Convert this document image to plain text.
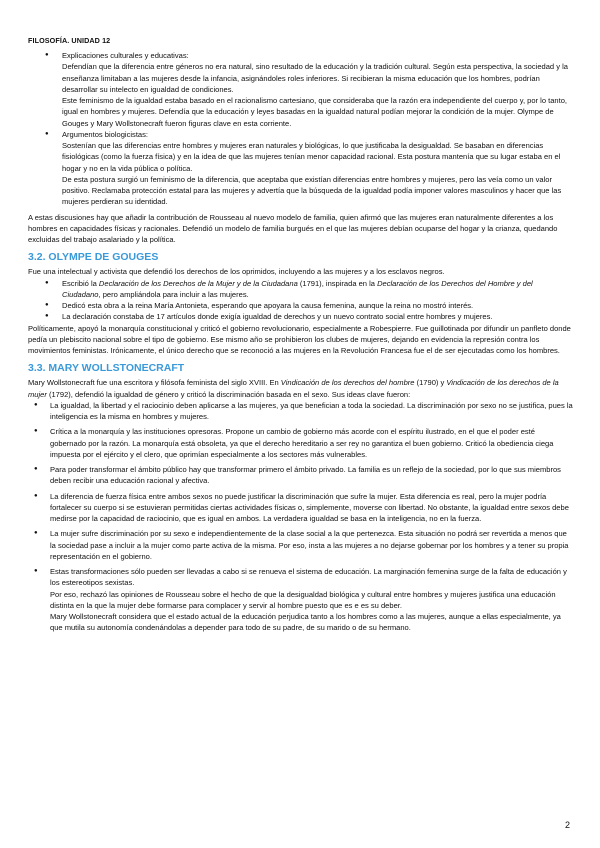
FILOSOFÍA. UNIDAD 12

● Explicaciones culturales y educativas:

Defendían que la diferencia entre géneros no era natural, sino resultado de la educación y la tradición cultural. Según esta perspectiva, la sociedad y la enseñanza limitaban a las mujeres desde la infancia, asignándoles roles inferiores. Si recibieran la misma educación que los hombres, podrían desarrollar su intelecto en igualdad de condiciones.

Este feminismo de la igualdad estaba basado en el racionalismo cartesiano, que consideraba que la razón era independiente del cuerpo y, por lo tanto, igual en hombres y mujeres. Defendía que la educación y leyes basadas en la igualdad natural podían mejorar la condición de la mujer. Olympe de Gouges y Mary Wollstonecraft fueron figuras clave en esta corriente.

● Argumentos biologicistas:

Sostenían que las diferencias entre hombres y mujeres eran naturales y biológicas, lo que justificaba la desigualdad. Se basaban en diferencias fisiológicas (como la fuerza física) y en la idea de que las mujeres tenían menor capacidad racional. Esta postura mantenía que su lugar estaba en el hogar y no en la vida pública o política.

De esta postura surgió un feminismo de la diferencia, que aceptaba que existían diferencias entre hombres y mujeres, pero las veía como un valor positivo. Reclamaba protección estatal para las mujeres y advertía que la búsqueda de la igualdad podía imponer valores masculinos y hacer que las mujeres perdieran su identidad.

A estas discusiones hay que añadir la contribución de Rousseau al nuevo modelo de familia, quien afirmó que las mujeres eran naturalmente diferentes a los hombres en capacidades físicas y racionales. Defendió un modelo de familia burgués en el que las mujeres debían ocuparse del hogar y la crianza, quedando excluidas del trabajo asalariado y la política.

3.2. OLYMPE DE GOUGES

Fue una intelectual y activista que defendió los derechos de los oprimidos, incluyendo a las mujeres y a los esclavos negros.

● Escribió la Declaración de los Derechos de la Mujer y de la Ciudadana (1791), inspirada en la Declaración de los Derechos del Hombre y del Ciudadano, pero ampliándola para incluir a las mujeres.

● Dedicó esta obra a la reina María Antonieta, esperando que apoyara la causa femenina, aunque la reina no mostró interés.

● La declaración constaba de 17 artículos donde exigía igualdad de derechos y un nuevo contrato social entre hombres y mujeres.

Políticamente, apoyó la monarquía constitucional y criticó el gobierno revolucionario, especialmente a Robespierre. Fue guillotinada por difundir un panfleto donde pedía un plebiscito nacional sobre el tipo de gobierno. Ese mismo año se prohibieron los clubes de mujeres, dejando en evidencia la represión contra los movimientos feministas. Irónicamente, el único derecho que se reconoció a las mujeres en la Revolución Francesa fue el de ser ejecutadas como los hombres.

3.3. MARY WOLLSTONECRAFT

Mary Wollstonecraft fue una escritora y filósofa feminista del siglo XVIII. En Vindicación de los derechos del hombre (1790) y Vindicación de los derechos de la mujer (1792), defendió la igualdad de género y criticó la discriminación basada en el sexo. Sus ideas clave fueron:

● La igualdad, la libertad y el raciocinio deben aplicarse a las mujeres, ya que benefician a toda la sociedad. La discriminación por sexo no se justifica, pues la inteligencia es la misma en hombres y mujeres.

● Crítica a la monarquía y las instituciones opresoras. Propone un cambio de gobierno más acorde con el espíritu ilustrado, en el que el poder esté gobernado por la razón. La monarquía está obsoleta, ya que el derecho hereditario a ser rey no garantiza el buen gobierno. Criticó la obediencia ciega impuesta por el ejército y el clero, que oprimían especialmente a los sectores más vulnerables.

● Para poder transformar el ámbito público hay que transformar primero el ámbito privado. La familia es un reflejo de la sociedad, por lo que sus miembros deben recibir una educación racional y afectiva.

● La diferencia de fuerza física entre ambos sexos no puede justificar la discriminación que sufre la mujer. Esta diferencia es real, pero la mujer podría fortalecer su cuerpo si se estuvieran permitidas ciertas actividades físicas o, simplemente, moverse con libertad. No obstante, la igualdad entre sexos debe medirse por la capacidad de raciocinio, que es igual en ambos. La verdadera igualdad se basa en la inteligencia, no en la fuerza.

● La mujer sufre discriminación por su sexo e independientemente de la clase social a la que pertenezca. Esta situación no podrá ser revertida a menos que la sociedad pase a incluir a la mujer como parte activa de la misma. Por eso, insta a las mujeres a no dejarse gobernar por los hombres y a tener su propia representación en el gobierno.

● Estas transformaciones sólo pueden ser llevadas a cabo si se renueva el sistema de educación. La marginación femenina surge de la falta de educación y los estereotipos sexistas.

Por eso, rechazó las opiniones de Rousseau sobre el hecho de que la desigualdad biológica y cultural entre hombres y mujeres justifica una educación distinta en la que la mujer debe formarse para complacer y servir al hombre puesto que es e es su deber.

Mary Wollstonecraft considera que el estado actual de la educación perjudica tanto a los hombres como a las mujeres, aunque a ellas especialmente, ya que mutila su autonomía condenándolas a depender para todo de su padre, de su marido o de su hermano.

2
